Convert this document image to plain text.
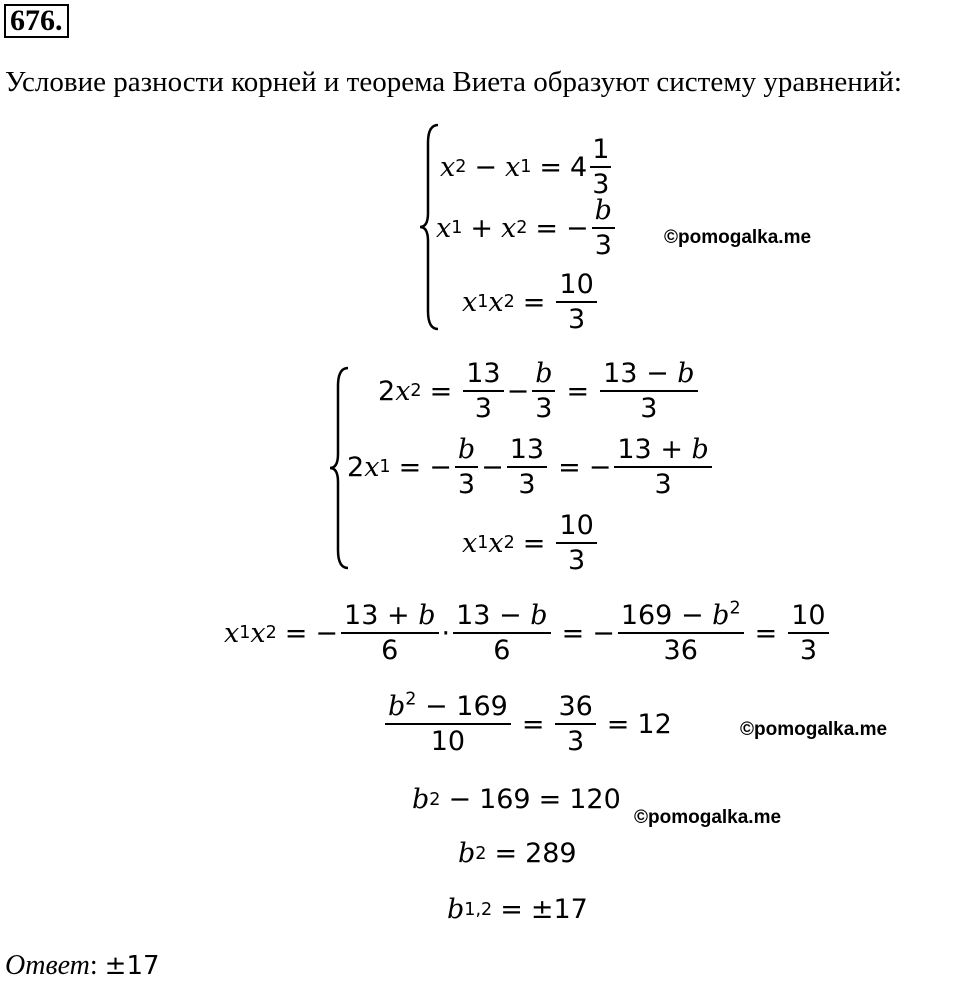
676.
Условие разности корней и теорема Виета образуют систему уравнений:
x 2 − x $1 = 4 \frac{1}{3}$
x 1 + x 2 = − $\frac{b}{3}$	©pomogalka.me
x 1 x $2 = \frac{10}{3}$
2 x $2 = \frac{13}{3} - \frac{b}{3} = \frac{13 - b}{3}$
2 x 1 = − $\frac{b}{3} - \frac{13}{3}$ = − $\frac{13 + b}{3}$
x 1 x $2 = \frac{10}{3}$
x 1 x 2 = − $\frac{13 + b}{6} \cdot \frac{13 - b}{6}$ = − $\frac{169 - b^2}{36} = \frac{10}{3}$
$\frac{b^2 - 169}{10} = \frac{36}{3} = 12$	©pomogalka.me
b 2 − 169 = 120
©pomogalka.me
b 2 = 289
b 1,2 = ± 17
Ответ: ±17
